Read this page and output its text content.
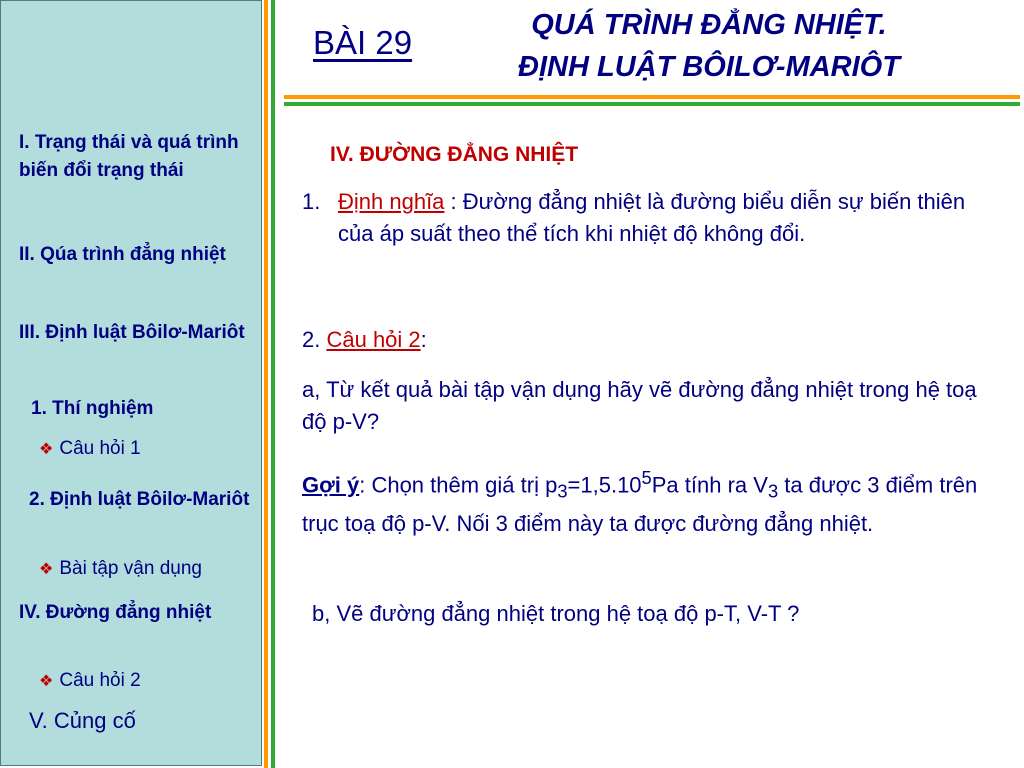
I. Trạng thái và quá trình biến đổi trạng thái
II. Qúa trình đẳng nhiệt
III. Định luật Bôilơ-Mariôt
1. Thí nghiệm
❖ Câu hỏi 1
2. Định luật Bôilơ-Mariôt
❖ Bài tập vận dụng
IV. Đường đẳng nhiệt
❖ Câu hỏi 2
V. Củng cố
BÀI 29	QUÁ TRÌNH ĐẲNG NHIỆT.
ĐỊNH LUẬT BÔILƠ-MARIÔT
IV. ĐƯỜNG ĐẲNG NHIỆT
1. Định nghĩa : Đường đẳng nhiệt là đường biểu diễn sự biến thiên của áp suất theo thể tích khi nhiệt độ không đổi.
2. Câu hỏi 2:
a, Từ kết quả bài tập vận dụng hãy vẽ đường đẳng nhiệt trong hệ toạ độ p-V?
Gợi ý: Chọn thêm giá trị $p_3=1,5.10^5Pa$ tính ra $V_3$ ta được 3 điểm trên trục toạ độ p-V. Nối 3 điểm này ta được đường đẳng nhiệt.
b, Vẽ đường đẳng nhiệt trong hệ toạ độ p-T, V-T ?
